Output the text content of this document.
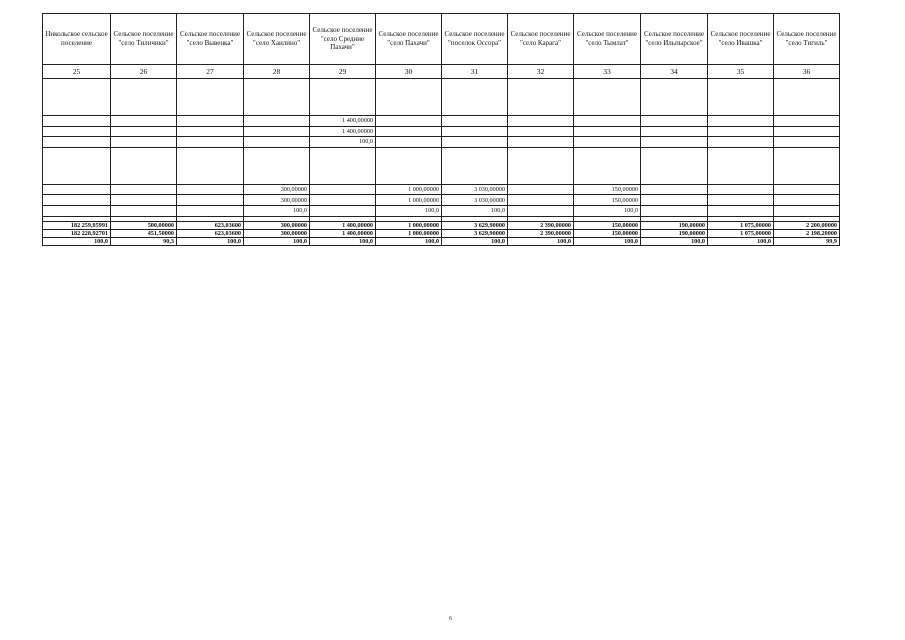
Никольское сельское поселение	Сельское поселение "село Тиличики"	Сельское поселение "село Вывенка"	Сельское поселение "село Хаилино"	Сельское поселение "село Средние Пахачи"	Сельское поселение "село Пахачи"	Сельское поселение "поселок Оссора"	Сельское поселение "село Карага"	Сельское поселение "село Тымлат"	Сельское поселение "село Ильпырское"	Сельское поселение "село Ивашка"	Сельское поселение "село Тигиль"
25	26	27	28	29	30	31	32	33	34	35	36

				1 400,00000							
				1 400,00000							
				100,0							

			300,00000		1 000,00000	3 030,00000		150,00000			
			300,00000		1 000,00000	3 030,00000		150,00000			
			100,0		100,0	100,0		100,0			

182 259,05991	500,00000	623,03600	300,00000	1 400,00000	1 000,00000	3 629,90000	2 390,00000	150,00000	190,00000	1 075,00000	2 200,00000
182 228,92701	451,50000	623,03600	300,00000	1 400,00000	1 000,00000	3 629,90000	2 390,00000	150,00000	190,00000	1 075,00000	2 198,20000
100,0	90,3	100,0	100,0	100,0	100,0	100,0	100,0	100,0	100,0	100,0	99,9
6
